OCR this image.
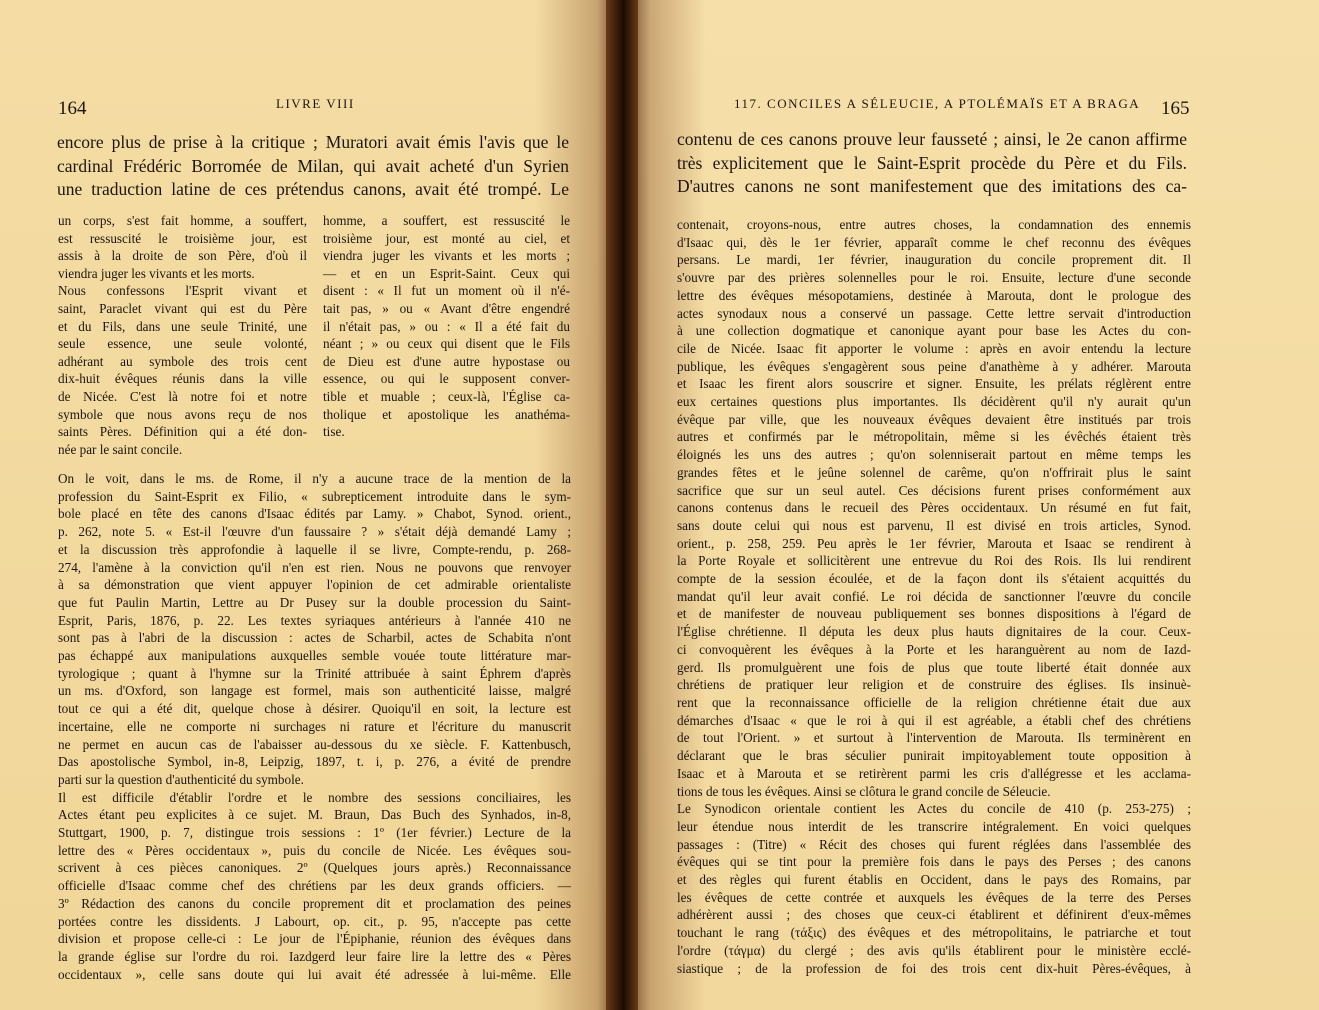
164	LIVRE VIII
encore plus de prise à la critique ; Muratori avait émis l'avis que le
cardinal Frédéric Borromée de Milan, qui avait acheté d'un Syrien
une traduction latine de ces prétendus canons, avait été trompé. Le
un corps, s'est fait homme, a souffert,
est ressuscité le troisième jour, est
assis à la droite de son Père, d'où il
viendra juger les vivants et les morts.
Nous confessons l'Esprit vivant et
saint, Paraclet vivant qui est du Père
et du Fils, dans une seule Trinité, une
seule essence, une seule volonté,
adhérant au symbole des trois cent
dix-huit évêques réunis dans la ville
de Nicée. C'est là notre foi et notre
symbole que nous avons reçu de nos
saints Pères. Définition qui a été don-
née par le saint concile.
homme, a souffert, est ressuscité le
troisième jour, est monté au ciel, et
viendra juger les vivants et les morts ;
— et en un Esprit-Saint. Ceux qui
disent : « Il fut un moment où il n'é-
tait pas, » ou « Avant d'être engendré
il n'était pas, » ou : « Il a été fait du
néant ; » ou ceux qui disent que le Fils
de Dieu est d'une autre hypostase ou
essence, ou qui le supposent conver-
tible et muable ; ceux-là, l'Église ca-
tholique et apostolique les anathéma-
tise.
On le voit, dans le ms. de Rome, il n'y a aucune trace de la mention de la
profession du Saint-Esprit ex Filio, « subrepticement introduite dans le sym-
bole placé en tête des canons d'Isaac édités par Lamy. » Chabot, Synod. orient.,
p. 262, note 5. « Est-il l'œuvre d'un faussaire ? » s'était déjà demandé Lamy ;
et la discussion très approfondie à laquelle il se livre, Compte-rendu, p. 268-
274, l'amène à la conviction qu'il n'en est rien. Nous ne pouvons que renvoyer
à sa démonstration que vient appuyer l'opinion de cet admirable orientaliste
que fut Paulin Martin, Lettre au Dr Pusey sur la double procession du Saint-
Esprit, Paris, 1876, p. 22. Les textes syriaques antérieurs à l'année 410 ne
sont pas à l'abri de la discussion : actes de Scharbil, actes de Schabita n'ont
pas échappé aux manipulations auxquelles semble vouée toute littérature mar-
tyrologique ; quant à l'hymne sur la Trinité attribuée à saint Éphrem d'après
un ms. d'Oxford, son langage est formel, mais son authenticité laisse, malgré
tout ce qui a été dit, quelque chose à désirer. Quoiqu'il en soit, la lecture est
incertaine, elle ne comporte ni surchages ni rature et l'écriture du manuscrit
ne permet en aucun cas de l'abaisser au-dessous du xe siècle. F. Kattenbusch,
Das apostolische Symbol, in-8, Leipzig, 1897, t. i, p. 276, a évité de prendre
parti sur la question d'authenticité du symbole.
Il est difficile d'établir l'ordre et le nombre des sessions conciliaires, les
Actes étant peu explicites à ce sujet. M. Braun, Das Buch des Synhados, in-8,
Stuttgart, 1900, p. 7, distingue trois sessions : 1º (1er février.) Lecture de la
lettre des « Pères occidentaux », puis du concile de Nicée. Les évêques sou-
scrivent à ces pièces canoniques. 2º (Quelques jours après.) Reconnaissance
officielle d'Isaac comme chef des chrétiens par les deux grands officiers. —
3º Rédaction des canons du concile proprement dit et proclamation des peines
portées contre les dissidents. J Labourt, op. cit., p. 95, n'accepte pas cette
division et propose celle-ci : Le jour de l'Épiphanie, réunion des évêques dans
la grande église sur l'ordre du roi. Iazdgerd leur faire lire la lettre des « Pères
occidentaux », celle sans doute qui lui avait été adressée à lui-même. Elle
117. CONCILES A SÉLEUCIE, A PTOLÉMAÏS ET A BRAGA 165
contenu de ces canons prouve leur fausseté ; ainsi, le 2e canon affirme
très explicitement que le Saint-Esprit procède du Père et du Fils.
D'autres canons ne sont manifestement que des imitations des ca-
contenait, croyons-nous, entre autres choses, la condamnation des ennemis
d'Isaac qui, dès le 1er février, apparaît comme le chef reconnu des évêques
persans. Le mardi, 1er février, inauguration du concile proprement dit. Il
s'ouvre par des prières solennelles pour le roi. Ensuite, lecture d'une seconde
lettre des évêques mésopotamiens, destinée à Marouta, dont le prologue des
actes synodaux nous a conservé un passage. Cette lettre servait d'introduction
à une collection dogmatique et canonique ayant pour base les Actes du con-
cile de Nicée. Isaac fit apporter le volume : après en avoir entendu la lecture
publique, les évêques s'engagèrent sous peine d'anathème à y adhérer. Marouta
et Isaac les firent alors souscrire et signer. Ensuite, les prélats réglèrent entre
eux certaines questions plus importantes. Ils décidèrent qu'il n'y aurait qu'un
évêque par ville, que les nouveaux évêques devaient être institués par trois
autres et confirmés par le métropolitain, même si les évêchés étaient très
éloignés les uns des autres ; qu'on solenniserait partout en même temps les
grandes fêtes et le jeûne solennel de carême, qu'on n'offrirait plus le saint
sacrifice que sur un seul autel. Ces décisions furent prises conformément aux
canons contenus dans le recueil des Pères occidentaux. Un résumé en fut fait,
sans doute celui qui nous est parvenu, Il est divisé en trois articles, Synod.
orient., p. 258, 259. Peu après le 1er février, Marouta et Isaac se rendirent à
la Porte Royale et sollicitèrent une entrevue du Roi des Rois. Ils lui rendirent
compte de la session écoulée, et de la façon dont ils s'étaient acquittés du
mandat qu'il leur avait confié. Le roi décida de sanctionner l'œuvre du concile
et de manifester de nouveau publiquement ses bonnes dispositions à l'égard de
l'Église chrétienne. Il députa les deux plus hauts dignitaires de la cour. Ceux-
ci convoquèrent les évêques à la Porte et les haranguèrent au nom de Iazd-
gerd. Ils promulguèrent une fois de plus que toute liberté était donnée aux
chrétiens de pratiquer leur religion et de construire des églises. Ils insinuè-
rent que la reconnaissance officielle de la religion chrétienne était due aux
démarches d'Isaac « que le roi à qui il est agréable, a établi chef des chrétiens
de tout l'Orient. » et surtout à l'intervention de Marouta. Ils terminèrent en
déclarant que le bras séculier punirait impitoyablement toute opposition à
Isaac et à Marouta et se retirèrent parmi les cris d'allégresse et les acclama-
tions de tous les évêques. Ainsi se clôtura le grand concile de Séleucie.
Le Synodicon orientale contient les Actes du concile de 410 (p. 253-275) ;
leur étendue nous interdit de les transcrire intégralement. En voici quelques
passages : (Titre) « Récit des choses qui furent réglées dans l'assemblée des
évêques qui se tint pour la première fois dans le pays des Perses ; des canons
et des règles qui furent établis en Occident, dans le pays des Romains, par
les évêques de cette contrée et auxquels les évêques de la terre des Perses
adhérèrent aussi ; des choses que ceux-ci établirent et définirent d'eux-mêmes
touchant le rang (τάξις) des évêques et des métropolitains, le patriarche et tout
l'ordre (τάγμα) du clergé ; des avis qu'ils établirent pour le ministère ecclé-
siastique ; de la profession de foi des trois cent dix-huit Pères-évêques, à
